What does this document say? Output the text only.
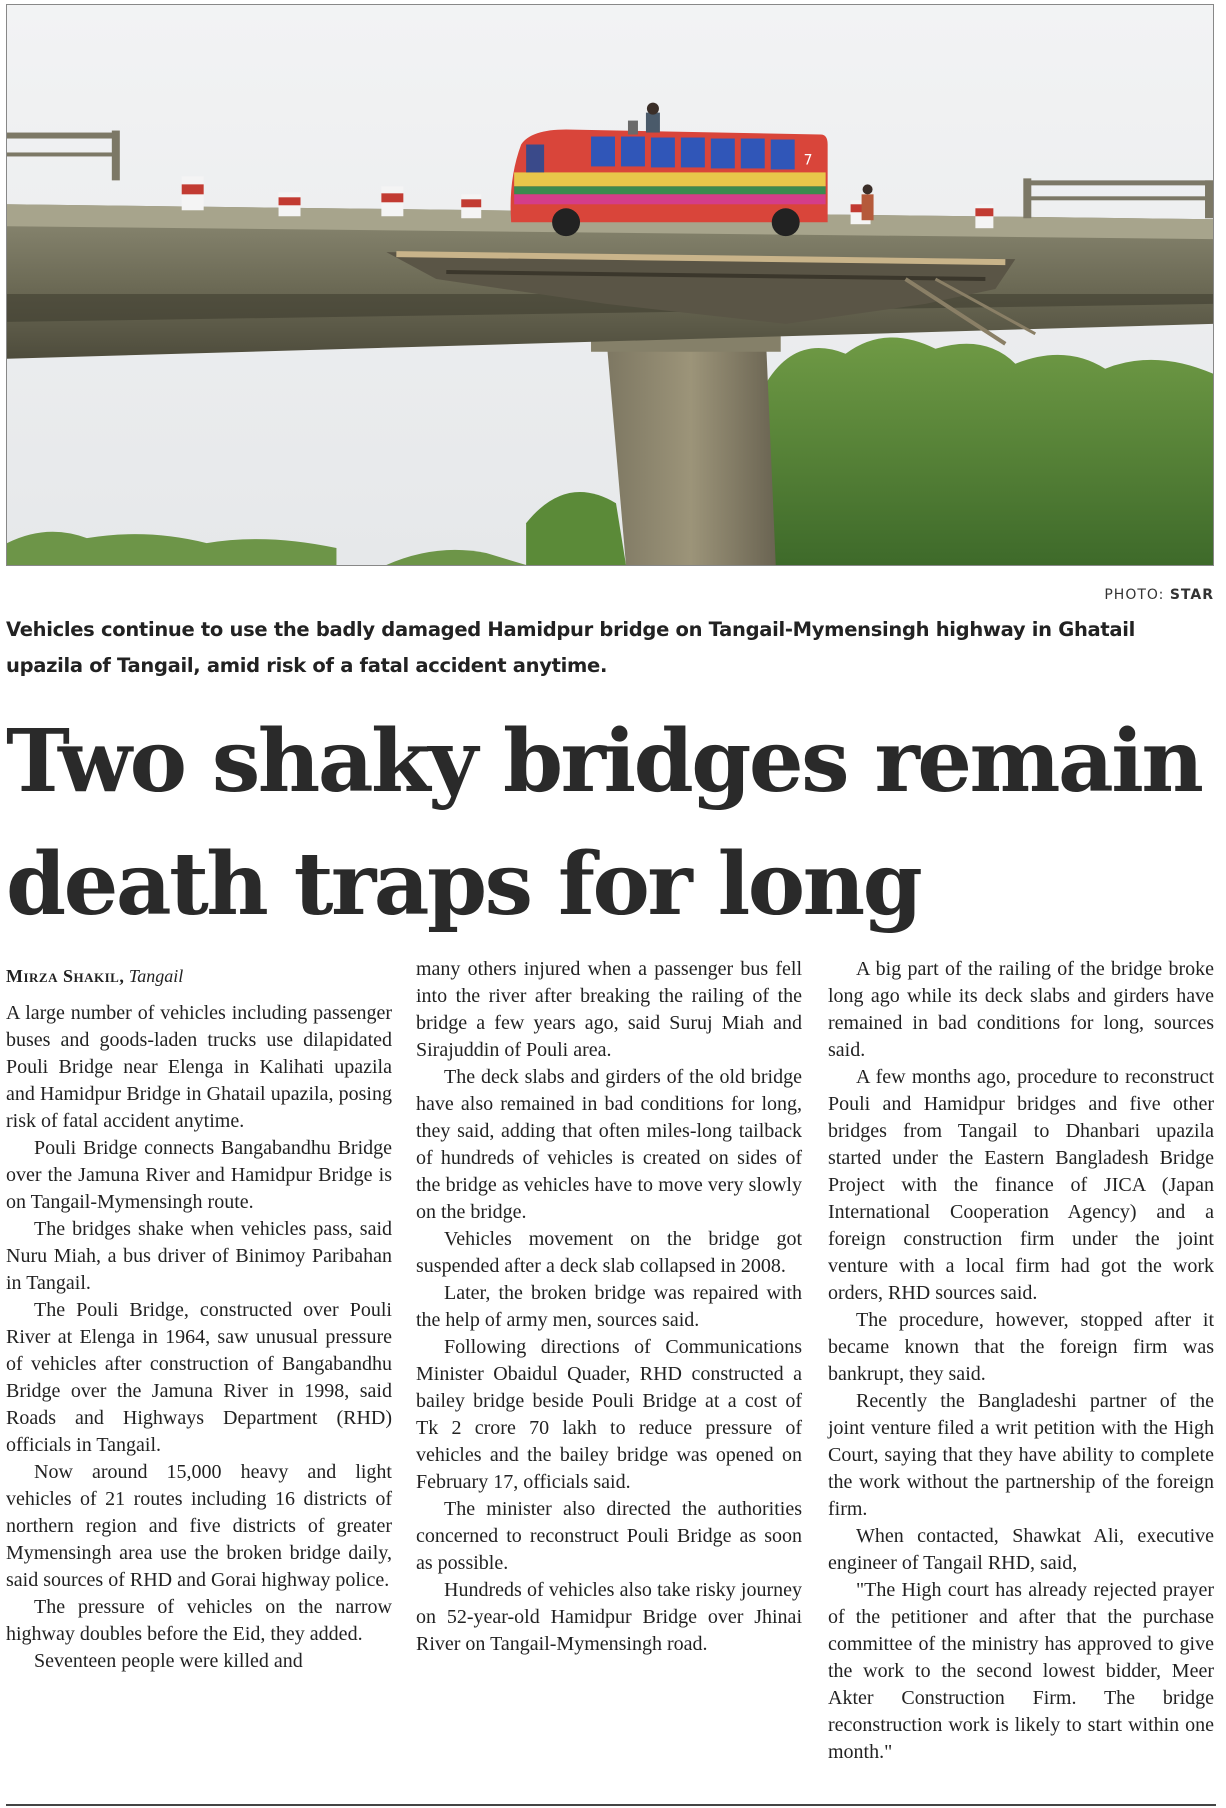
7
PHOTO: STAR
Vehicles continue to use the badly damaged Hamidpur bridge on Tangail-Mymensingh highway in Ghatail upazila of Tangail, amid risk of a fatal accident anytime.
Two shaky bridges remain death traps for long
Mirza Shakil, Tangail

A large number of vehicles including passenger buses and goods-laden trucks use dilapidated Pouli Bridge near Elenga in Kalihati upazila and Hamidpur Bridge in Ghatail upazila, posing risk of fatal accident anytime.

Pouli Bridge connects Bangabandhu Bridge over the Jamuna River and Hamidpur Bridge is on Tangail-Mymensingh route.

The bridges shake when vehicles pass, said Nuru Miah, a bus driver of Binimoy Paribahan in Tangail.

The Pouli Bridge, constructed over Pouli River at Elenga in 1964, saw unusual pressure of vehicles after construction of Bangabandhu Bridge over the Jamuna River in 1998, said Roads and Highways Department (RHD) officials in Tangail.

Now around 15,000 heavy and light vehicles of 21 routes including 16 districts of northern region and five districts of greater Mymensingh area use the broken bridge daily, said sources of RHD and Gorai highway police.

The pressure of vehicles on the narrow highway doubles before the Eid, they added.

Seventeen people were killed and

many others injured when a passenger bus fell into the river after breaking the railing of the bridge a few years ago, said Suruj Miah and Sirajuddin of Pouli area.

The deck slabs and girders of the old bridge have also remained in bad conditions for long, they said, adding that often miles-long tailback of hundreds of vehicles is created on sides of the bridge as vehicles have to move very slowly on the bridge.

Vehicles movement on the bridge got suspended after a deck slab collapsed in 2008.

Later, the broken bridge was repaired with the help of army men, sources said.

Following directions of Communications Minister Obaidul Quader, RHD constructed a bailey bridge beside Pouli Bridge at a cost of Tk 2 crore 70 lakh to reduce pressure of vehicles and the bailey bridge was opened on February 17, officials said.

The minister also directed the authorities concerned to reconstruct Pouli Bridge as soon as possible.

Hundreds of vehicles also take risky journey on 52-year-old Hamidpur Bridge over Jhinai River on Tangail-Mymensingh road.

A big part of the railing of the bridge broke long ago while its deck slabs and girders have remained in bad conditions for long, sources said.

A few months ago, procedure to reconstruct Pouli and Hamidpur bridges and five other bridges from Tangail to Dhanbari upazila started under the Eastern Bangladesh Bridge Project with the finance of JICA (Japan International Cooperation Agency) and a foreign construction firm under the joint venture with a local firm had got the work orders, RHD sources said.

The procedure, however, stopped after it became known that the foreign firm was bankrupt, they said.

Recently the Bangladeshi partner of the joint venture filed a writ petition with the High Court, saying that they have ability to complete the work without the partnership of the foreign firm.

When contacted, Shawkat Ali, executive engineer of Tangail RHD, said,

"The High court has already rejected prayer of the petitioner and after that the purchase committee of the ministry has approved to give the work to the second lowest bidder, Meer Akter Construction Firm. The bridge reconstruction work is likely to start within one month."
